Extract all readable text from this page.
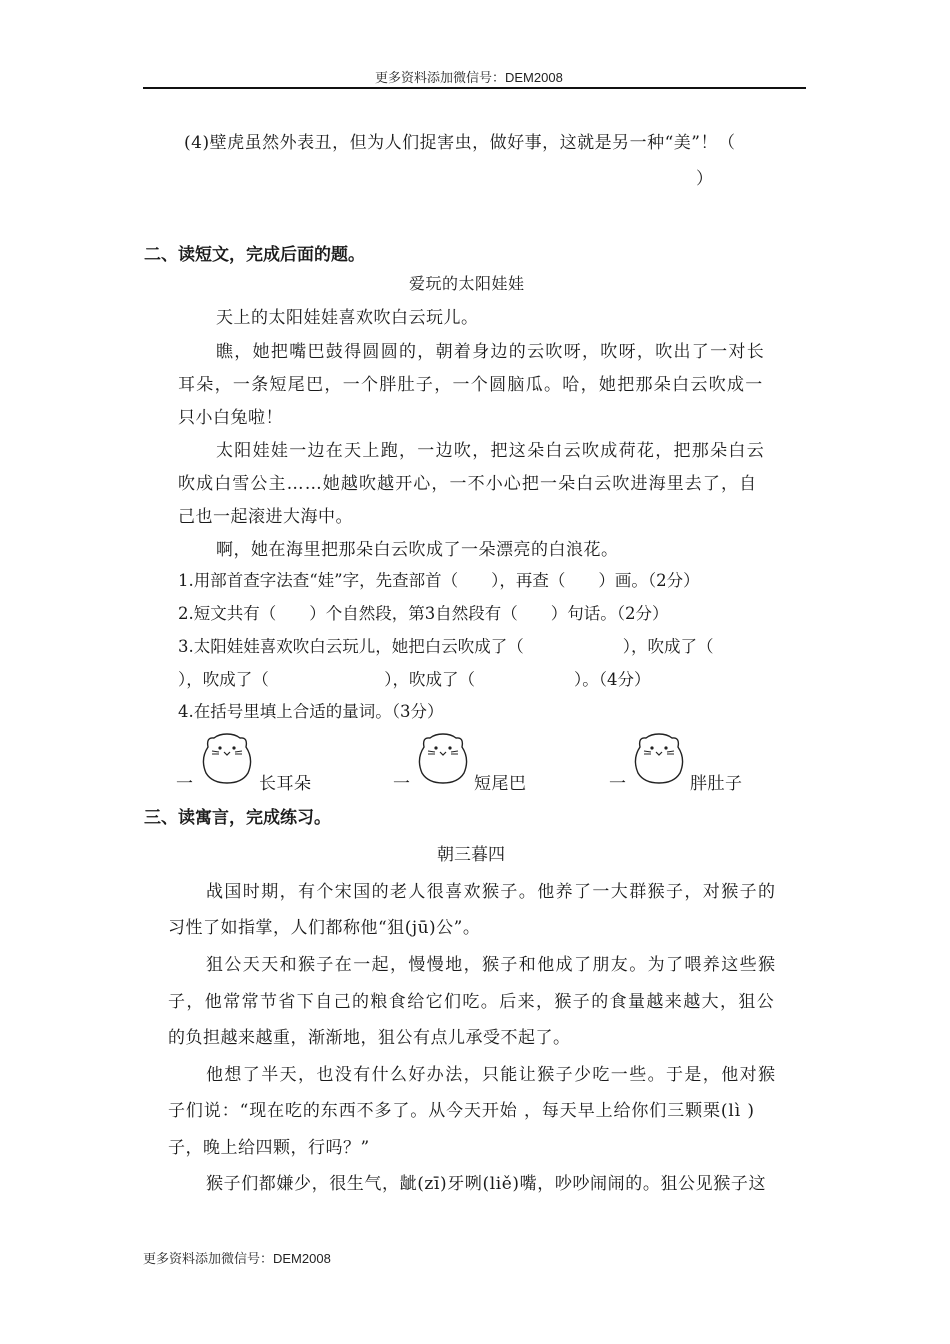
更多资料添加微信号：DEM2008
(4)壁虎虽然外表丑，但为人们捉害虫，做好事，这就是另一种“美”！（
）
二、读短文，完成后面的题。
爱玩的太阳娃娃
天上的太阳娃娃喜欢吹白云玩儿。
瞧，她把嘴巴鼓得圆圆的，朝着身边的云吹呀，吹呀，吹出了一对长
耳朵，一条短尾巴，一个胖肚子，一个圆脑瓜。哈，她把那朵白云吹成一
只小白兔啦！
太阳娃娃一边在天上跑，一边吹，把这朵白云吹成荷花，把那朵白云
吹成白雪公主……她越吹越开心，一不小心把一朵白云吹进海里去了，自
己也一起滚进大海中。
啊，她在海里把那朵白云吹成了一朵漂亮的白浪花。
1.用部首查字法查“娃”字，先查部首（　　），再查（　　）画。（2分）
2.短文共有（　　）个自然段，第3自然段有（　　）句话。（2分）
3.太阳娃娃喜欢吹白云玩儿，她把白云吹成了（　　　　　　），吹成了（
），吹成了（　　　　　　　），吹成了（　　　　　　）。（4分）
4.在括号里填上合适的量词。（3分）
一	长耳朵	一	短尾巴	一	胖肚子
三、读寓言，完成练习。
朝三暮四
战国时期，有个宋国的老人很喜欢猴子。他养了一大群猴子，对猴子的
习性了如指掌，人们都称他“狙(jū)公”。
狙公天天和猴子在一起，慢慢地，猴子和他成了朋友。为了喂养这些猴
子，他常常节省下自己的粮食给它们吃。后来，猴子的食量越来越大，狙公
的负担越来越重，渐渐地，狙公有点儿承受不起了。
他想了半天，也没有什么好办法，只能让猴子少吃一些。于是，他对猴
子们说：“现在吃的东西不多了。从今天开始 ，每天早上给你们三颗栗(lì )
子，晚上给四颗，行吗？”
猴子们都嫌少，很生气，龇(zī)牙咧(liě)嘴，吵吵闹闹的。狙公见猴子这
更多资料添加微信号：DEM2008
